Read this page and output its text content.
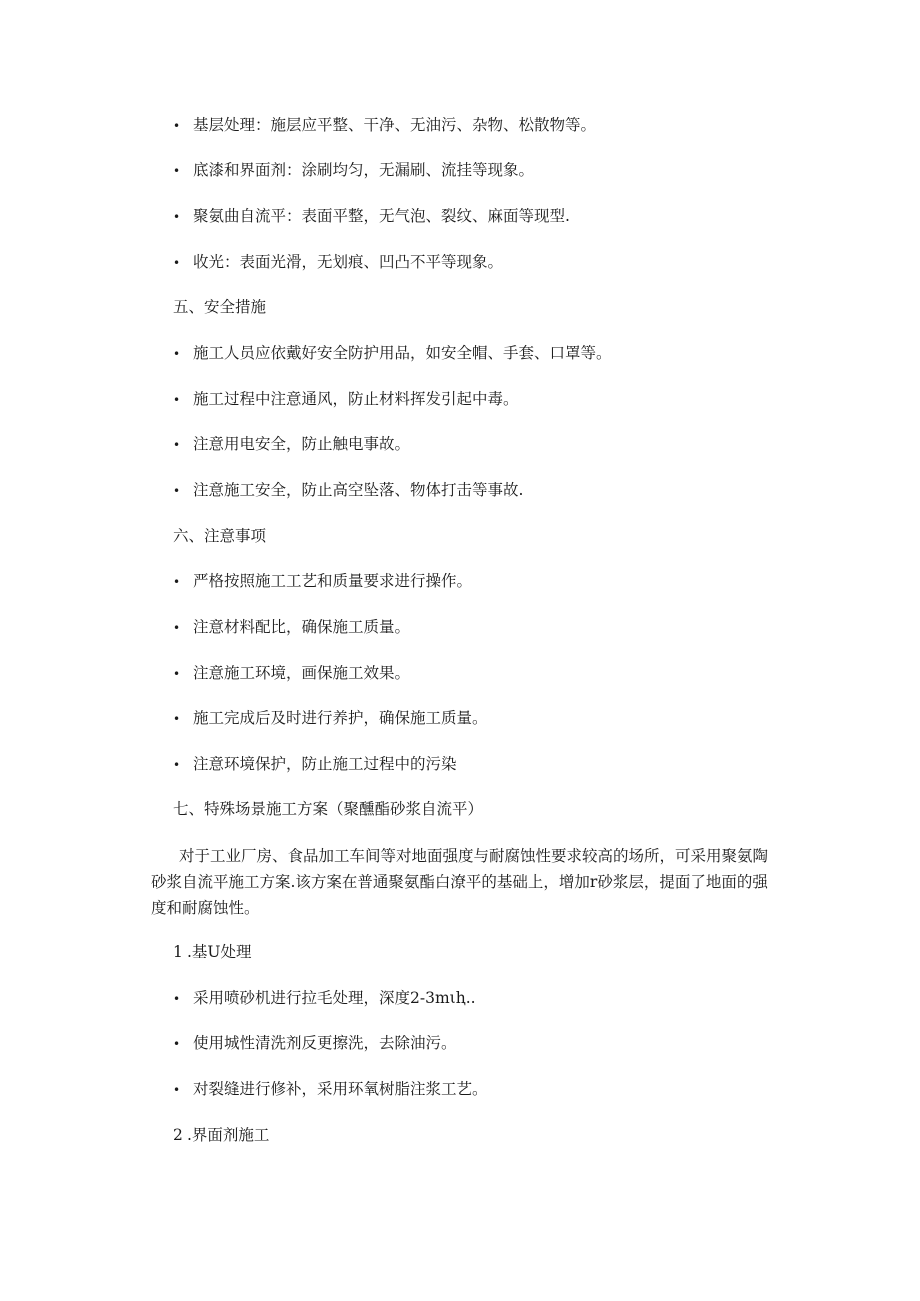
• 基层处理：施层应平整、干净、无油污、杂物、松散物等。
• 底漆和界面剂：涂刷均匀，无漏刷、流挂等现象。
• 聚氨曲自流平：表面平整，无气泡、裂纹、麻面等现型.
• 收光：表面光滑，无划痕、凹凸不平等现象。
五、安全措施
• 施工人员应依戴好安全防护用品，如安全帽、手套、口罩等。
• 施工过程中注意通风，防止材料挥发引起中毒。
• 注意用电安全，防止触电事故。
• 注意施工安全，防止高空坠落、物体打击等事故.
六、注意事项
• 严格按照施工工艺和质量要求进行操作。
• 注意材料配比，确保施工质量。
• 注意施工环境，画保施工效果。
• 施工完成后及时进行养护，确保施工质量。
• 注意环境保护，防止施工过程中的污染
七、特殊场景施工方案（聚醺酯砂浆自流平）
对于工业厂房、食品加工车间等对地面强度与耐腐蚀性要求较高的场所，可采用聚氨陶砂浆自流平施工方案.该方案在普通聚氨酯白潦平的基础上，增加r砂浆层，提面了地面的强度和耐腐蚀性。
1 .基U处理
• 采用喷砂机进行拉毛处理，深度2-3mιⱨ..
• 使用城性清洗剂反更擦洗，去除油污。
• 对裂缝进行修补，采用环氧树脂注浆工艺。
2 .界面剂施工
